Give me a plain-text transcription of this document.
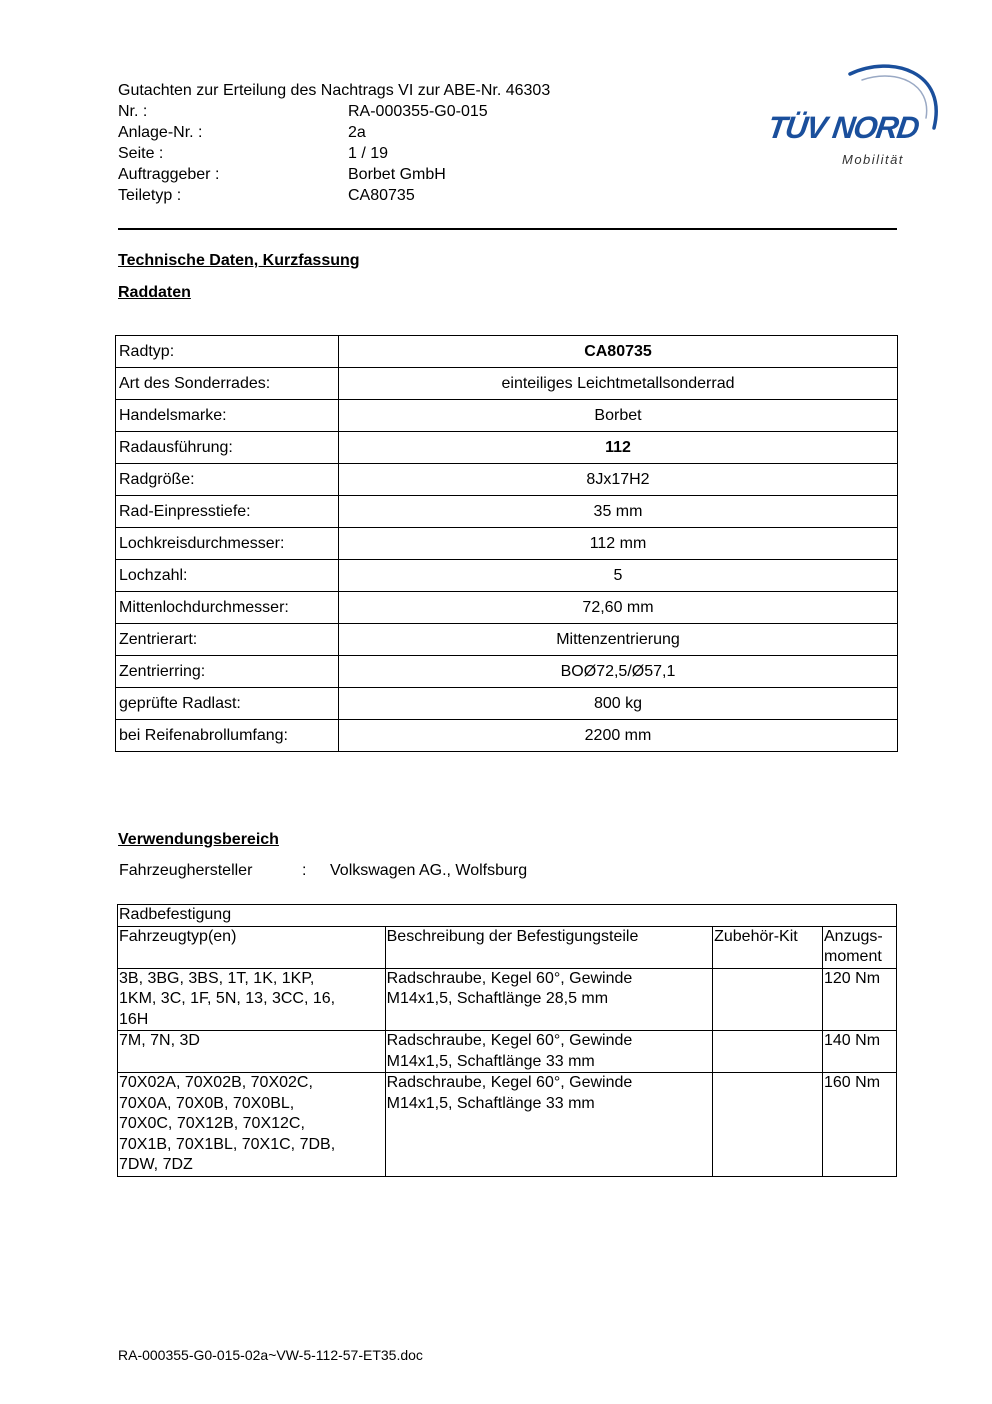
Gutachten zur Erteilung des Nachtrags VI zur ABE-Nr. 46303
Nr. :	RA-000355-G0-015
Anlage-Nr. :	2a
Seite :	1 / 19
Auftraggeber :	Borbet GmbH
Teiletyp :	CA80735
TÜV NORD
Mobilität
Technische Daten, Kurzfassung
Raddaten
Radtyp:	CA80735
Art des Sonderrades:	einteiliges Leichtmetallsonderrad
Handelsmarke:	Borbet
Radausführung:	112
Radgröße:	8Jx17H2
Rad-Einpresstiefe:	35 mm
Lochkreisdurchmesser:	112 mm
Lochzahl:	5
Mittenlochdurchmesser:	72,60 mm
Zentrierart:	Mittenzentrierung
Zentrierring:	BOØ72,5/Ø57,1
geprüfte Radlast:	800 kg
bei Reifenabrollumfang:	2200 mm
Verwendungsbereich
Fahrzeughersteller	: Volkswagen AG., Wolfsburg
Radbefestigung			
Fahrzeugtyp(en)	Beschreibung der Befestigungsteile	Zubehör-Kit	Anzugs-
moment
3B, 3BG, 3BS, 1T, 1K, 1KP,
1KM, 3C, 1F, 5N, 13, 3CC, 16,
16H	Radschraube, Kegel 60°, Gewinde
M14x1,5, Schaftlänge 28,5 mm		120 Nm
7M, 7N, 3D	Radschraube, Kegel 60°, Gewinde
M14x1,5, Schaftlänge 33 mm		140 Nm
70X02A, 70X02B, 70X02C,
70X0A, 70X0B, 70X0BL,
70X0C, 70X12B, 70X12C,
70X1B, 70X1BL, 70X1C, 7DB,
7DW, 7DZ	Radschraube, Kegel 60°, Gewinde
M14x1,5, Schaftlänge 33 mm		160 Nm
RA-000355-G0-015-02a~VW-5-112-57-ET35.doc
